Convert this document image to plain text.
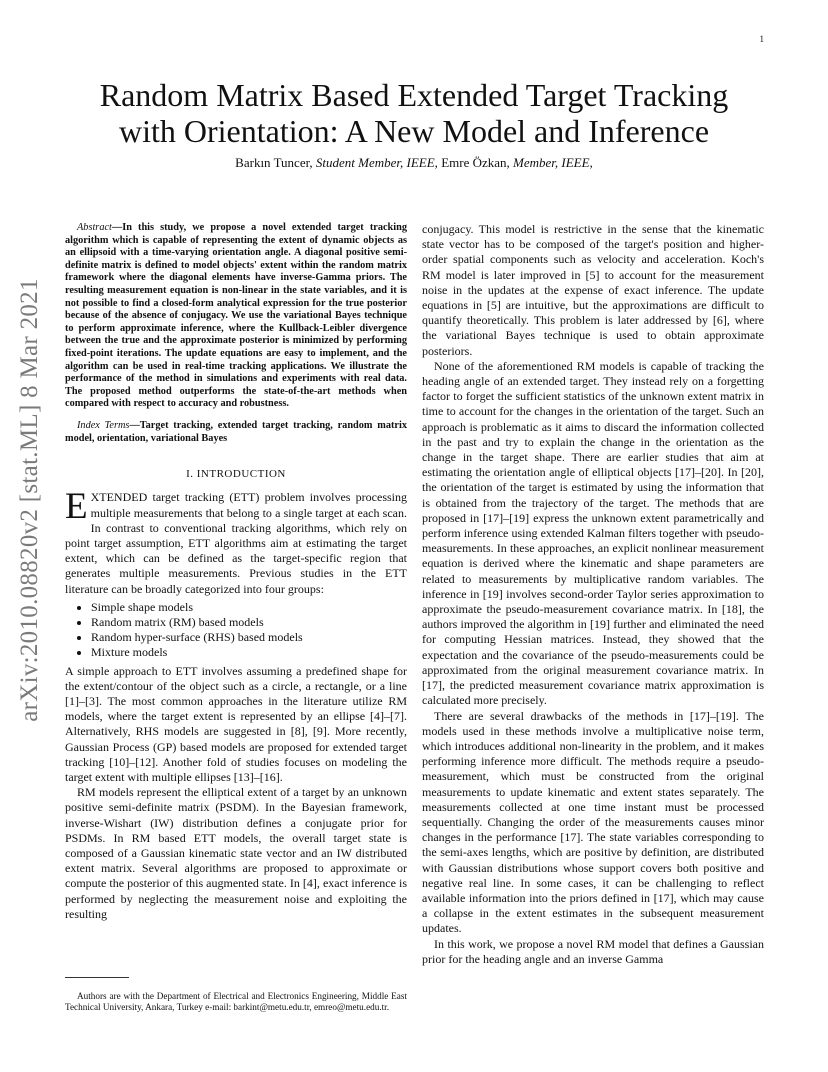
1
arXiv:2010.08820v2 [stat.ML] 8 Mar 2021
Random Matrix Based Extended Target Tracking
with Orientation: A New Model and Inference
Barkın Tuncer, Student Member, IEEE, Emre Özkan, Member, IEEE,

Abstract—In this study, we propose a novel extended target tracking algorithm which is capable of representing the extent of dynamic objects as an ellipsoid with a time-varying orientation angle. A diagonal positive semi-definite matrix is defined to model objects' extent within the random matrix framework where the diagonal elements have inverse-Gamma priors. The resulting measurement equation is non-linear in the state variables, and it is not possible to find a closed-form analytical expression for the true posterior because of the absence of conjugacy. We use the variational Bayes technique to perform approximate inference, where the Kullback-Leibler divergence between the true and the approximate posterior is minimized by performing fixed-point iterations. The update equations are easy to implement, and the algorithm can be used in real-time tracking applications. We illustrate the performance of the method in simulations and experiments with real data. The proposed method outperforms the state-of-the-art methods when compared with respect to accuracy and robustness.

Index Terms—Target tracking, extended target tracking, random matrix model, orientation, variational Bayes

I. INTRODUCTION

EXTENDED target tracking (ETT) problem involves processing multiple measurements that belong to a single target at each scan. In contrast to conventional tracking algorithms, which rely on point target assumption, ETT algorithms aim at estimating the target extent, which can be defined as the target-specific region that generates multiple measurements. Previous studies in the ETT literature can be broadly categorized into four groups:

• Simple shape models
• Random matrix (RM) based models
• Random hyper-surface (RHS) based models
• Mixture models

A simple approach to ETT involves assuming a predefined shape for the extent/contour of the object such as a circle, a rectangle, or a line [1]–[3]. The most common approaches in the literature utilize RM models, where the target extent is represented by an ellipse [4]–[7]. Alternatively, RHS models are suggested in [8], [9]. More recently, Gaussian Process (GP) based models are proposed for extended target tracking [10]–[12]. Another fold of studies focuses on modeling the target extent with multiple ellipses [13]–[16].

RM models represent the elliptical extent of a target by an unknown positive semi-definite matrix (PSDM). In the Bayesian framework, inverse-Wishart (IW) distribution defines a conjugate prior for PSDMs. In RM based ETT models, the overall target state is composed of a Gaussian kinematic state vector and an IW distributed extent matrix. Several algorithms are proposed to approximate or compute the posterior of this augmented state. In [4], exact inference is performed by neglecting the measurement noise and exploiting the resulting

Authors are with the Department of Electrical and Electronics Engineering, Middle East Technical University, Ankara, Turkey e-mail: barkint@metu.edu.tr, emreo@metu.edu.tr.

conjugacy. This model is restrictive in the sense that the kinematic state vector has to be composed of the target's position and higher-order spatial components such as velocity and acceleration. Koch's RM model is later improved in [5] to account for the measurement noise in the updates at the expense of exact inference. The update equations in [5] are intuitive, but the approximations are difficult to quantify theoretically. This problem is later addressed by [6], where the variational Bayes technique is used to obtain approximate posteriors.

None of the aforementioned RM models is capable of tracking the heading angle of an extended target. They instead rely on a forgetting factor to forget the sufficient statistics of the unknown extent matrix in time to account for the changes in the orientation of the target. Such an approach is problematic as it aims to discard the information collected in the past and try to explain the change in the orientation as the change in the target shape. There are earlier studies that aim at estimating the orientation angle of elliptical objects [17]–[20]. In [20], the orientation of the target is estimated by using the information that is obtained from the trajectory of the target. The methods that are proposed in [17]–[19] express the unknown extent parametrically and perform inference using extended Kalman filters together with pseudo-measurements. In these approaches, an explicit nonlinear measurement equation is derived where the kinematic and shape parameters are related to measurements by multiplicative random variables. The inference in [19] involves second-order Taylor series approximation to approximate the pseudo-measurement covariance matrix. In [18], the authors improved the algorithm in [19] further and eliminated the need for computing Hessian matrices. Instead, they showed that the expectation and the covariance of the pseudo-measurements could be approximated from the original measurement covariance matrix. In [17], the predicted measurement covariance matrix approximation is calculated more precisely.

There are several drawbacks of the methods in [17]–[19]. The models used in these methods involve a multiplicative noise term, which introduces additional non-linearity in the problem, and it makes performing inference more difficult. The methods require a pseudo-measurement, which must be constructed from the original measurements to update kinematic and extent states separately. The measurements collected at one time instant must be processed sequentially. Changing the order of the measurements causes minor changes in the performance [17]. The state variables corresponding to the semi-axes lengths, which are positive by definition, are distributed with Gaussian distributions whose support covers both positive and negative real line. In some cases, it can be challenging to reflect available information into the priors defined in [17], which may cause a collapse in the extent estimates in the subsequent measurement updates.

In this work, we propose a novel RM model that defines a Gaussian prior for the heading angle and an inverse Gamma
